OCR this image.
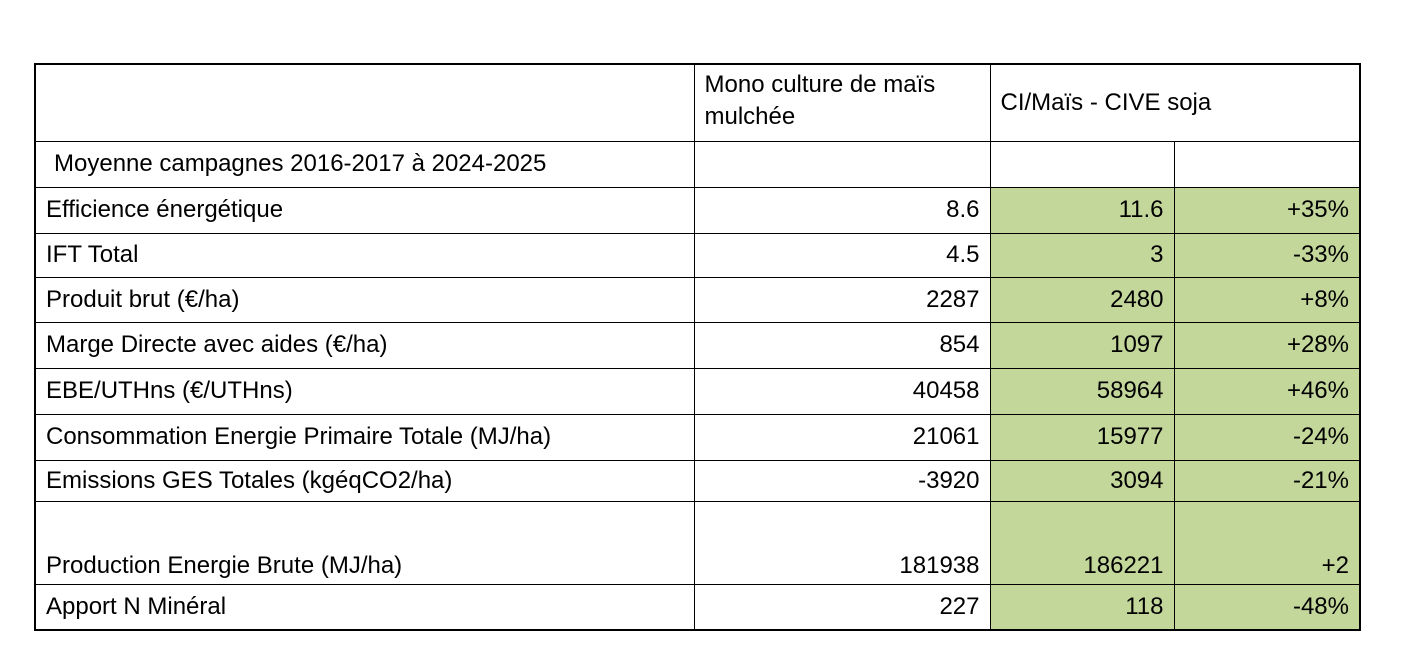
	Mono culture de maïs mulchée	CI/Maïs - CIVE soja	
Moyenne campagnes 2016-2017 à 2024-2025			
Efficience énergétique	8.6	11.6	+35%
IFT Total	4.5	3	-33%
Produit brut (€/ha)	2287	2480	+8%
Marge Directe avec aides (€/ha)	854	1097	+28%
EBE/UTHns (€/UTHns)	40458	58964	+46%
Consommation Energie Primaire Totale (MJ/ha)	21061	15977	-24%
Emissions GES Totales (kgéqCO2/ha)	-3920	3094	-21%
Production Energie Brute (MJ/ha)	181938	186221	+2
Apport N Minéral	227	118	-48%
